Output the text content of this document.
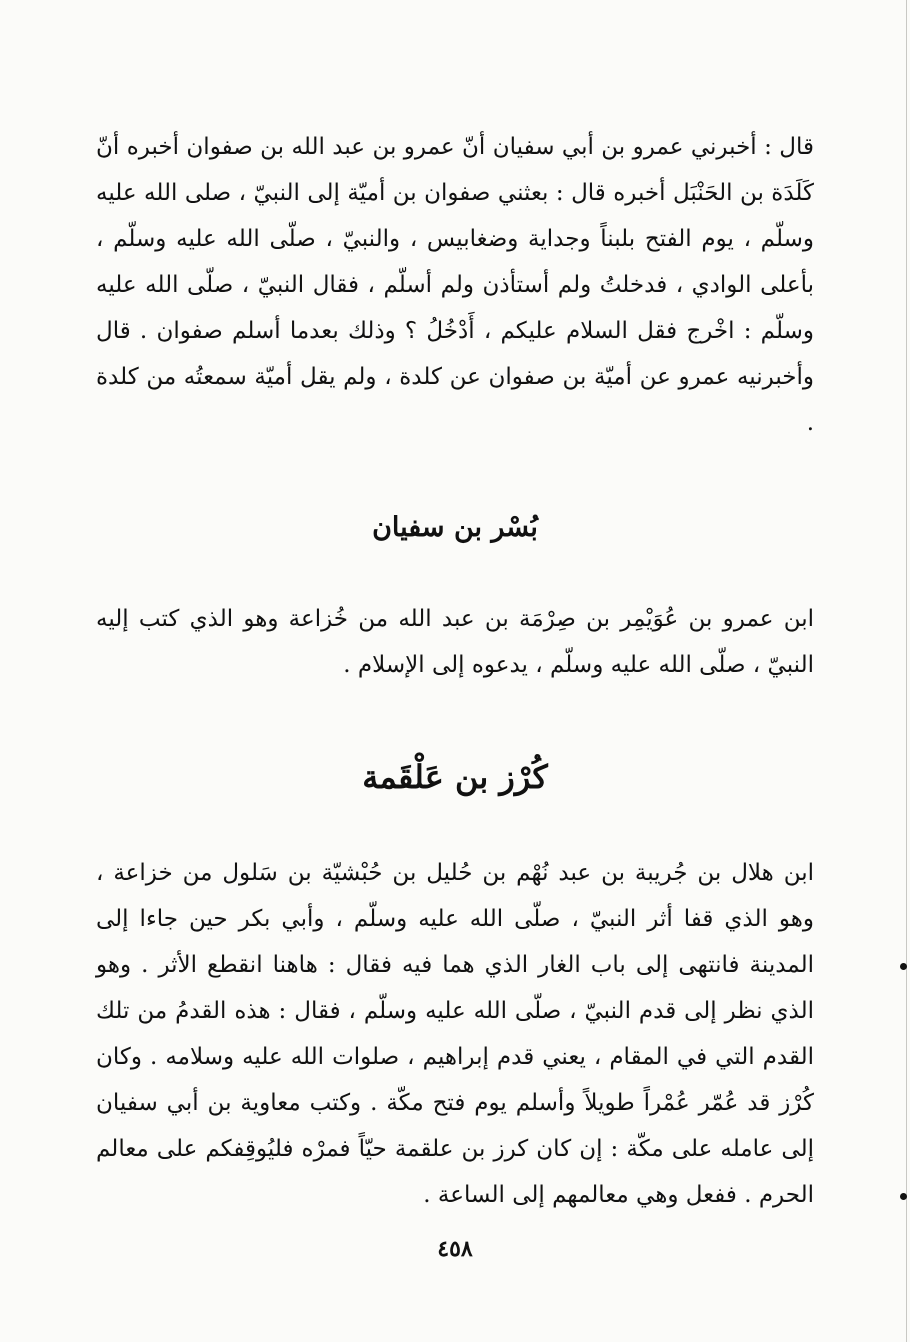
قال : أخبرني عمرو بن أبي سفيان أنّ عمرو بن عبد الله بن صفوان أخبره أنّ كَلَدَة بن الحَنْبَل أخبره قال : بعثني صفوان بن أميّة إلى النبيّ ، صلى الله عليه وسلّم ، يوم الفتح بلبناً وجداية وضغابيس ، والنبيّ ، صلّى الله عليه وسلّم ، بأعلى الوادي ، فدخلتُ ولم أستأذن ولم أسلّم ، فقال النبيّ ، صلّى الله عليه وسلّم : اخْرج فقل السلام عليكم ، أَدْخُلُ ؟ وذلك بعدما أسلم صفوان . قال وأخبرنيه عمرو عن أميّة بن صفوان عن كلدة ، ولم يقل أميّة سمعتُه من كلدة .

بُسْر بن سفيان

ابن عمرو بن عُوَيْمِر بن صِرْمَة بن عبد الله من خُزاعة وهو الذي كتب إليه النبيّ ، صلّى الله عليه وسلّم ، يدعوه إلى الإسلام .

كُرْز بن عَلْقَمة

ابن هلال بن جُريبة بن عبد نُهْم بن حُليل بن حُبْشيّة بن سَلول من خزاعة ، وهو الذي قفا أثر النبيّ ، صلّى الله عليه وسلّم ، وأبي بكر حين جاءا إلى المدينة فانتهى إلى باب الغار الذي هما فيه فقال : هاهنا انقطع الأثر . وهو الذي نظر إلى قدم النبيّ ، صلّى الله عليه وسلّم ، فقال : هذه القدمُ من تلك القدم التي في المقام ، يعني قدم إبراهيم ، صلوات الله عليه وسلامه . وكان كُرْز قد عُمّر عُمْراً طويلاً وأسلم يوم فتح مكّة . وكتب معاوية بن أبي سفيان إلى عامله على مكّة : إن كان كرز بن علقمة حيّاً فمرْه فليُوقِفكم على معالم الحرم . ففعل وهي معالمهم إلى الساعة .

٤٥٨
